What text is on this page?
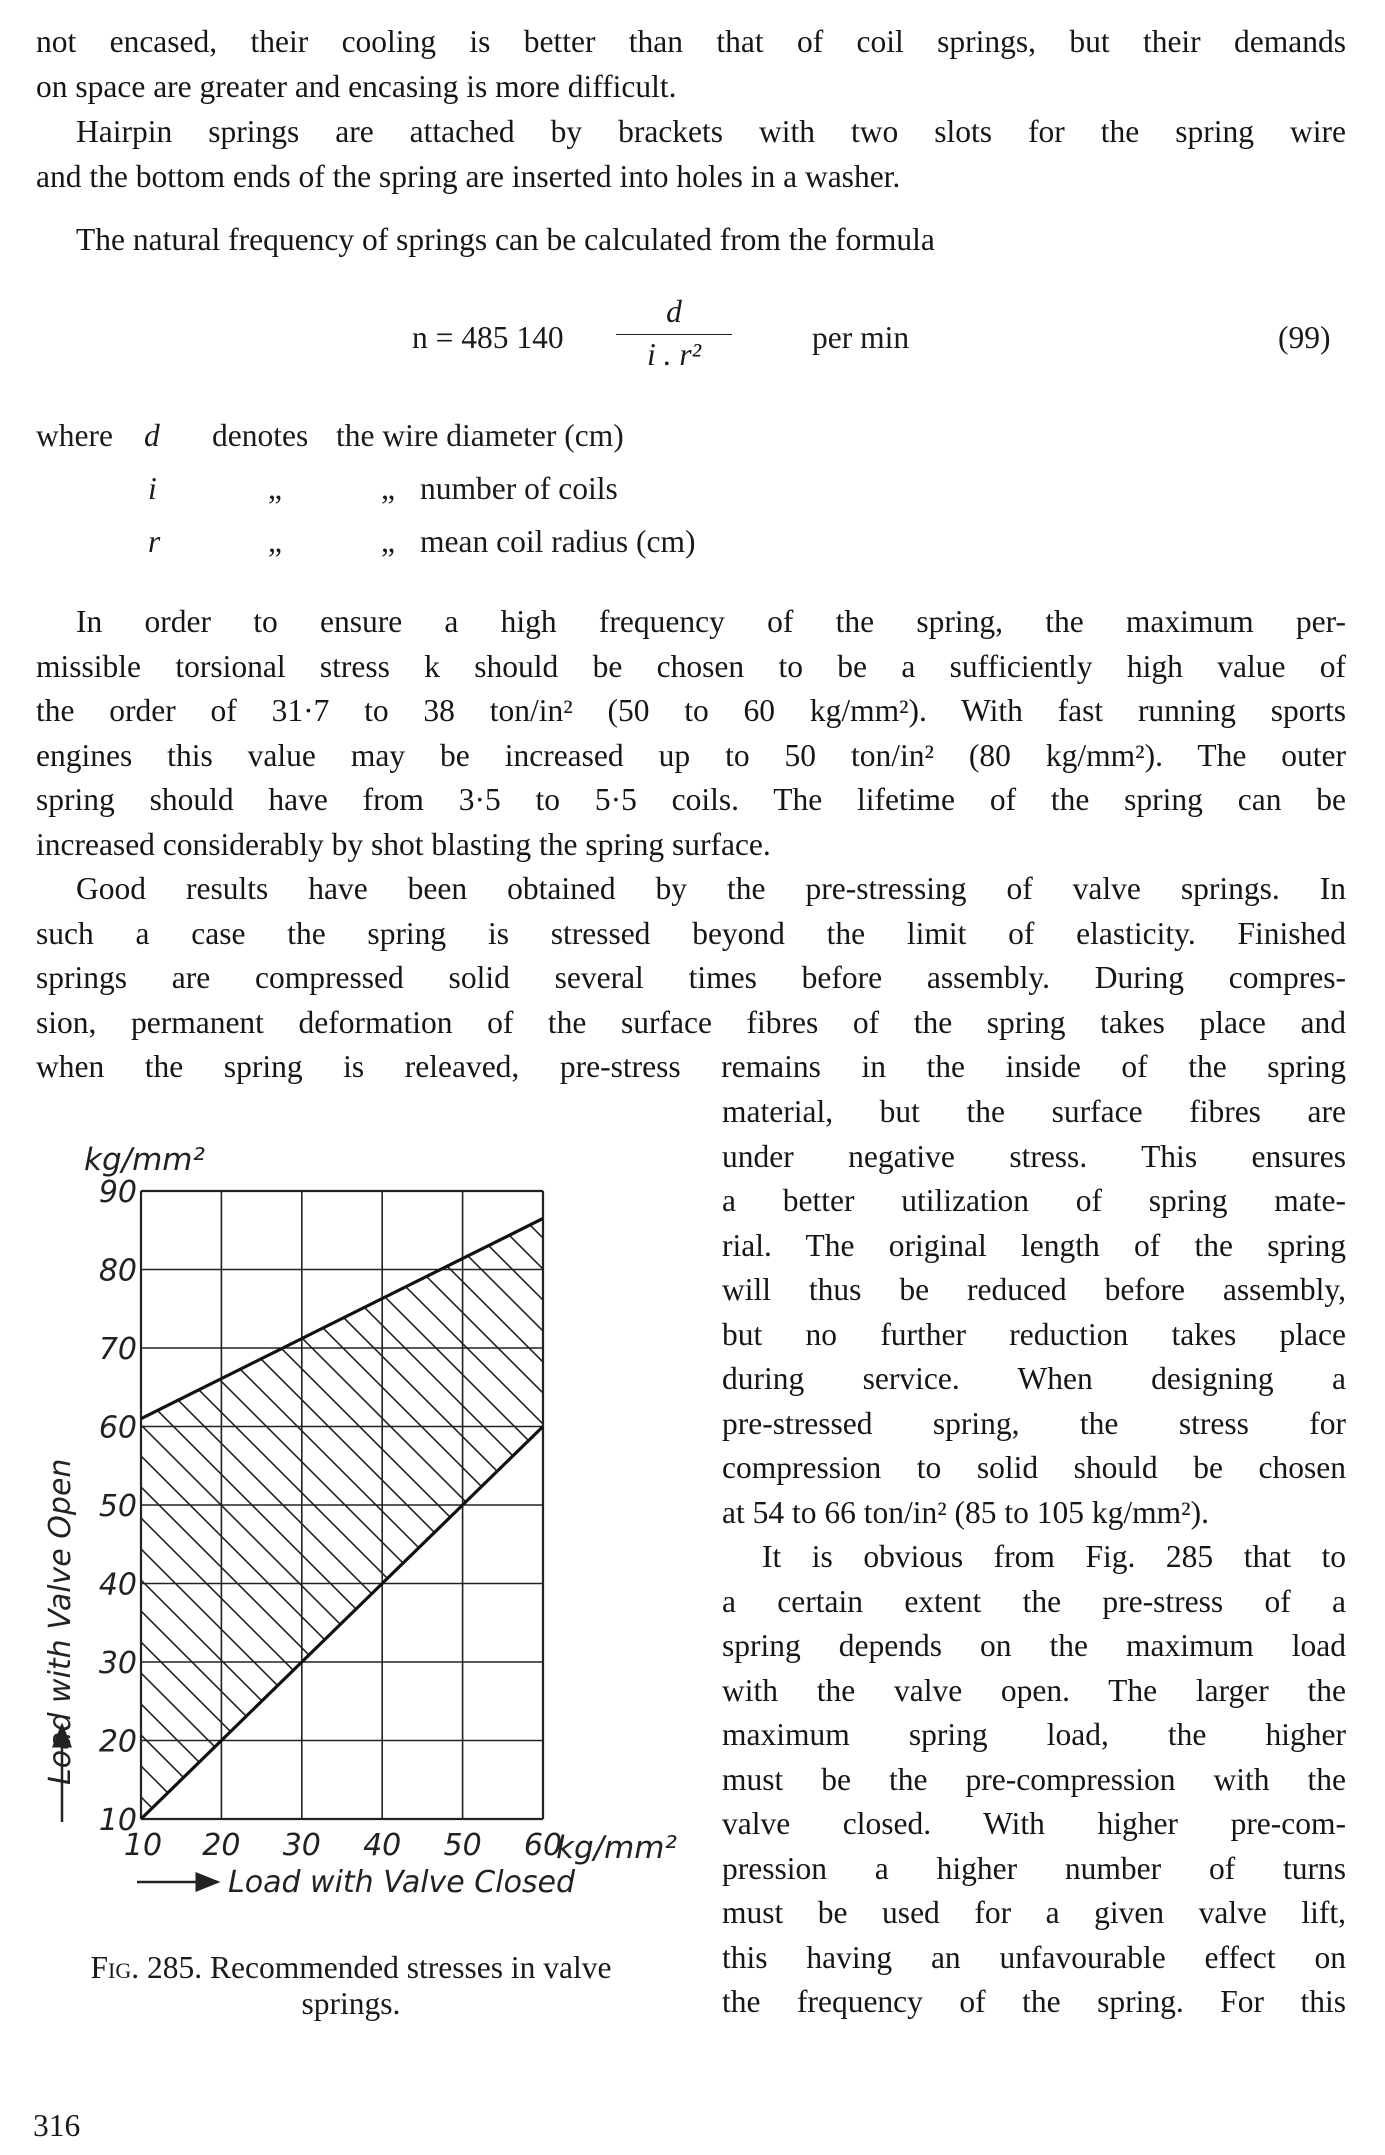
not encased, their cooling is better than that of coil springs, but their demands
on space are greater and encasing is more difficult.
Hairpin springs are attached by brackets with two slots for the spring wire
and the bottom ends of the spring are inserted into holes in a washer.
The natural frequency of springs can be calculated from the formula
n = 485 140
d
i . r²	per min	(99)
where d denotes the wire diameter (cm)
i	„	„ number of coils
r	„	„ mean coil radius (cm)
In order to ensure a high frequency of the spring, the maximum per-
missible torsional stress k should be chosen to be a sufficiently high value of
the order of 31·7 to 38 ton/in² (50 to 60 kg/mm²). With fast running sports
engines this value may be increased up to 50 ton/in² (80 kg/mm²). The outer
spring should have from 3·5 to 5·5 coils. The lifetime of the spring can be
increased considerably by shot blasting the spring surface.
Good results have been obtained by the pre-stressing of valve springs. In
such a case the spring is stressed beyond the limit of elasticity. Finished
springs are compressed solid several times before assembly. During compres-
sion, permanent deformation of the surface fibres of the spring takes place and
when the spring is releaved, pre-stress remains in the inside of the spring
material, but the surface fibres are
under negative stress. This ensures
a better utilization of spring mate-
rial. The original length of the spring
will thus be reduced before assembly,
but no further reduction takes place
during service. When designing a
pre-stressed spring, the stress for
compression to solid should be chosen
at 54 to 66 ton/in² (85 to 105 kg/mm²).
It is obvious from Fig. 285 that to
a certain extent the pre-stress of a
spring depends on the maximum load
with the valve open. The larger the
maximum spring load, the higher
must be the pre-compression with the
valve closed. With higher pre-com-
pression a higher number of turns
must be used for a given valve lift,
this having an unfavourable effect on
the frequency of the spring. For this
10
20
30
40
50
60
70
80
90
10 20 30 40 50 60
kg/mm²
kg/mm²
Load with Valve Open
Load with Valve Closed
Fig. 285. Recommended stresses in valve
springs.
316
